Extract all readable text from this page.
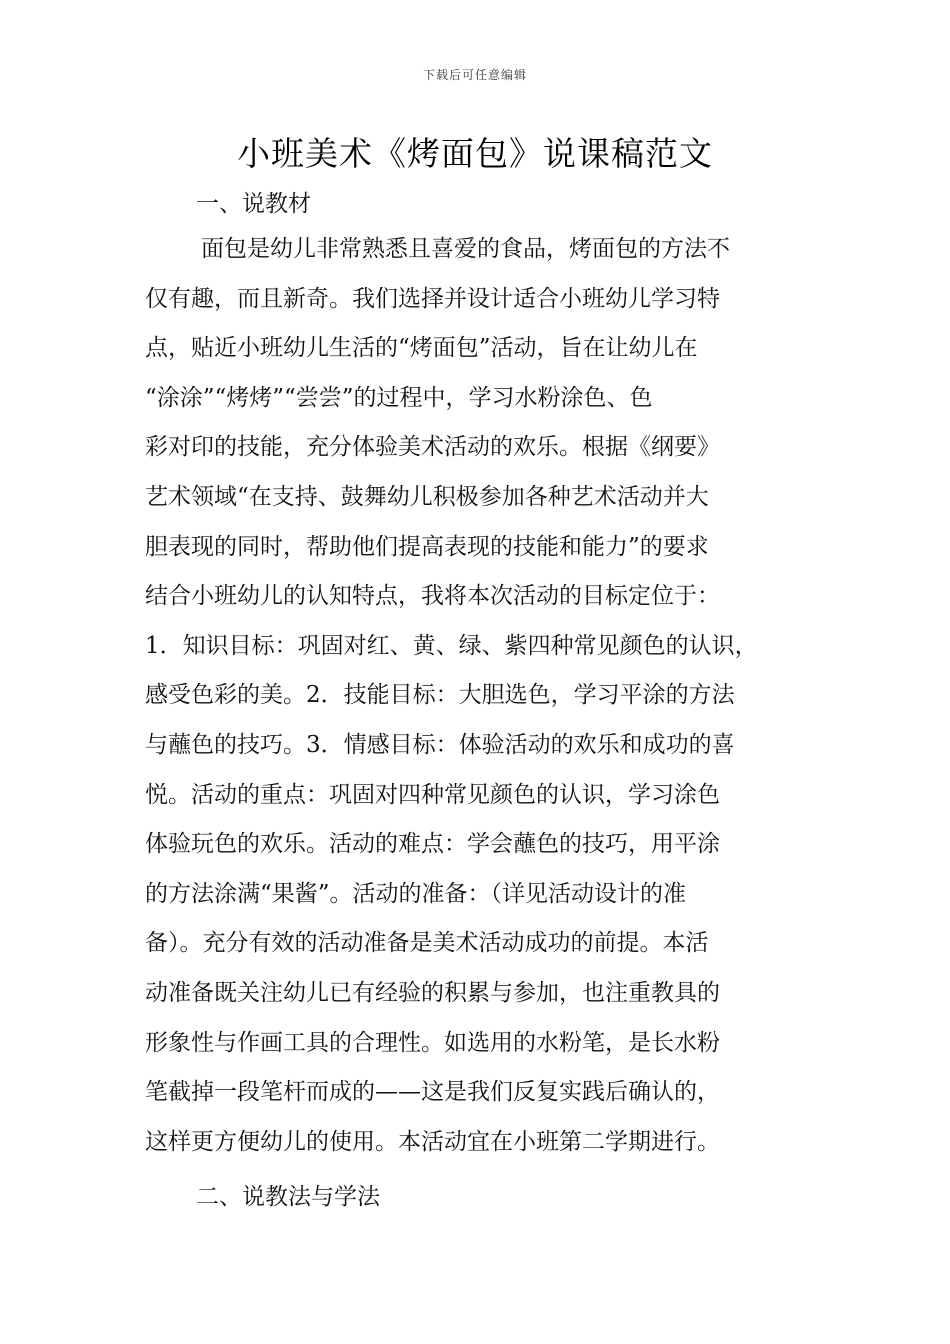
下载后可任意编辑
小班美术《烤面包》说课稿范文
一、说教材
面包是幼儿非常熟悉且喜爱的食品，烤面包的方法不
仅有趣，而且新奇。我们选择并设计适合小班幼儿学习特
点，贴近小班幼儿生活的“烤面包”活动，旨在让幼儿在
“涂涂”“烤烤”“尝尝”的过程中，学习水粉涂色、色
彩对印的技能，充分体验美术活动的欢乐。根据《纲要》
艺术领域“在支持、鼓舞幼儿积极参加各种艺术活动并大
胆表现的同时，帮助他们提高表现的技能和能力”的要求
结合小班幼儿的认知特点，我将本次活动的目标定位于：
1．知识目标：巩固对红、黄、绿、紫四种常见颜色的认识，
感受色彩的美。2．技能目标：大胆选色，学习平涂的方法
与蘸色的技巧。3．情感目标：体验活动的欢乐和成功的喜
悦。活动的重点：巩固对四种常见颜色的认识，学习涂色
体验玩色的欢乐。活动的难点：学会蘸色的技巧，用平涂
的方法涂满“果酱”。活动的准备：（详见活动设计的准
备）。充分有效的活动准备是美术活动成功的前提。本活
动准备既关注幼儿已有经验的积累与参加，也注重教具的
形象性与作画工具的合理性。如选用的水粉笔，是长水粉
笔截掉一段笔杆而成的——这是我们反复实践后确认的，
这样更方便幼儿的使用。本活动宜在小班第二学期进行。
二、说教法与学法
